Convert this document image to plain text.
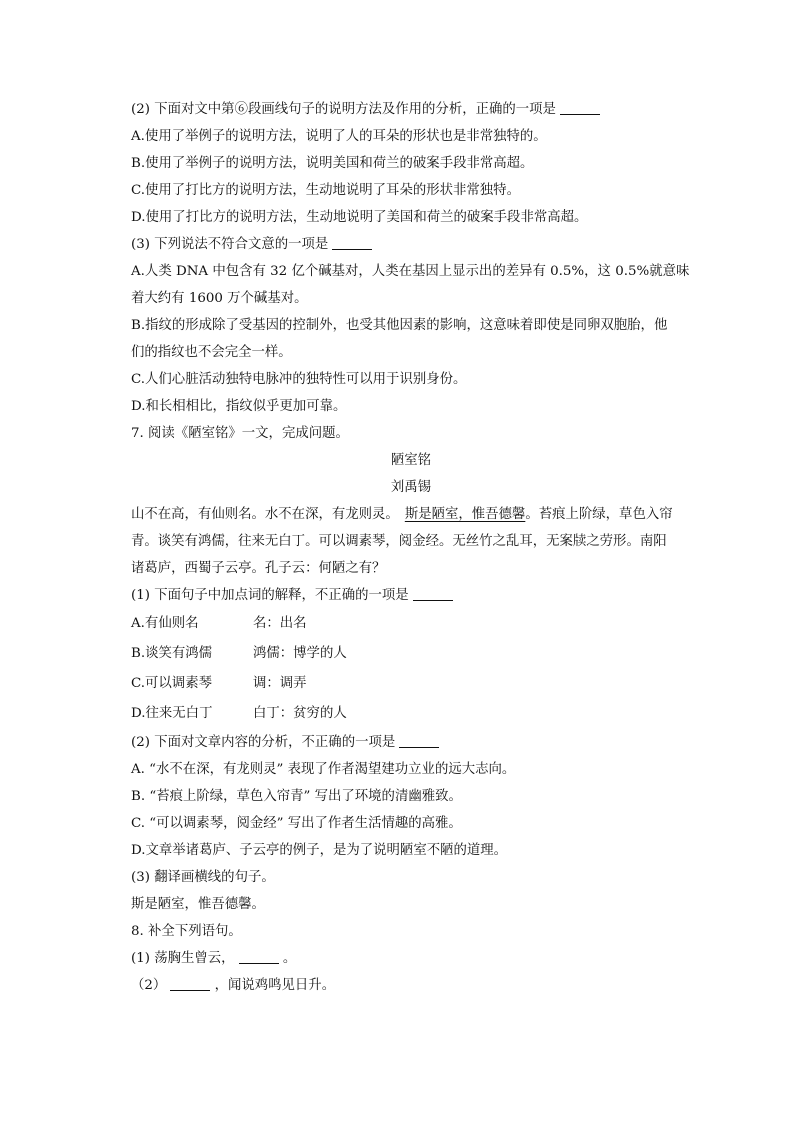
(2) 下面对文中第⑥段画线句子的说明方法及作用的分析，正确的一项是
A.使用了举例子的说明方法，说明了人的耳朵的形状也是非常独特的。
B.使用了举例子的说明方法，说明美国和荷兰的破案手段非常高超。
C.使用了打比方的说明方法，生动地说明了耳朵的形状非常独特。
D.使用了打比方的说明方法，生动地说明了美国和荷兰的破案手段非常高超。
(3) 下列说法不符合文意的一项是
A.人类 DNA 中包含有 32 亿个碱基对，人类在基因上显示出的差异有 0.5%，这 0.5%就意味
着大约有 1600 万个碱基对。
B.指纹的形成除了受基因的控制外，也受其他因素的影响，这意味着即使是同卵双胞胎，他
们的指纹也不会完全一样。
C.人们心脏活动独特电脉冲的独特性可以用于识别身份。
D.和长相相比，指纹似乎更加可靠。
7. 阅读《陋室铭》一文，完成问题。
陋室铭
刘禹锡
山不在高，有仙则名。水不在深，有龙则灵。 斯是陋室，惟吾德馨。苔痕上阶绿，草色入帘
青。谈笑有鸿儒，往来无白丁。可以调素琴，阅金经。无丝竹之乱耳，无案牍之劳形。南阳
诸葛庐，西蜀子云亭。孔子云：何陋之有？
(1) 下面句子中加点词的解释，不正确的一项是
A.有仙则名	名：出名
B.谈笑有鸿儒	鸿儒：博学的人
C.可以调素琴	调：调弄
D.往来无白丁	白丁：贫穷的人
(2) 下面对文章内容的分析，不正确的一项是
A. “水不在深，有龙则灵” 表现了作者渴望建功立业的远大志向。
B. “苔痕上阶绿，草色入帘青” 写出了环境的清幽雅致。
C. “可以调素琴，阅金经” 写出了作者生活情趣的高雅。
D.文章举诸葛庐、子云亭的例子，是为了说明陋室不陋的道理。
(3) 翻译画横线的句子。
斯是陋室，惟吾德馨。
8. 补全下列语句。
(1) 荡胸生曾云，	。
（2）	，闻说鸡鸣见日升。
